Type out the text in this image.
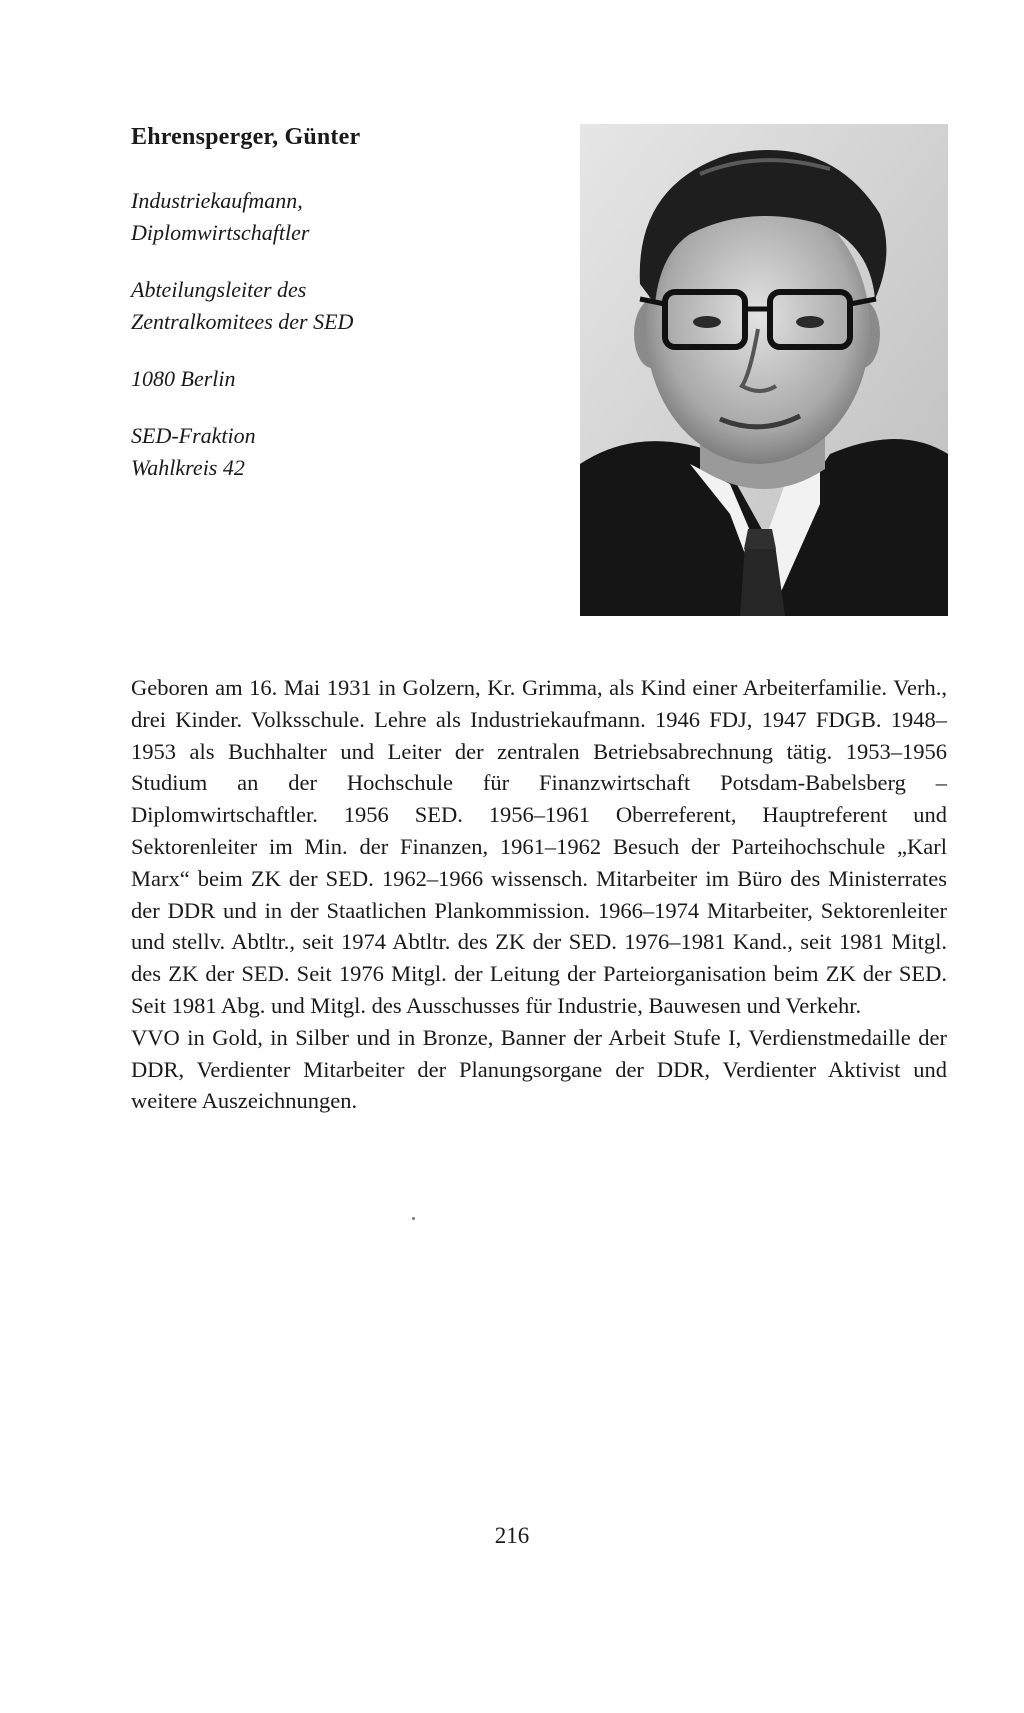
Ehrensperger, Günter
Industriekaufmann,
Diplomwirtschaftler
Abteilungsleiter des
Zentralkomitees der SED
1080 Berlin
SED-Fraktion
Wahlkreis 42

Geboren am 16. Mai 1931 in Golzern, Kr. Grimma, als Kind einer Arbeiterfamilie. Verh., drei Kinder. Volksschule. Lehre als Industriekaufmann. 1946 FDJ, 1947 FDGB. 1948–1953 als Buchhalter und Leiter der zentralen Betriebsabrechnung tätig. 1953–1956 Studium an der Hochschule für Finanzwirtschaft Potsdam-Babelsberg – Diplomwirtschaftler. 1956 SED. 1956–1961 Oberreferent, Hauptreferent und Sektorenleiter im Min. der Finanzen, 1961–1962 Besuch der Parteihochschule „Karl Marx“ beim ZK der SED. 1962–1966 wissensch. Mitarbeiter im Büro des Ministerrates der DDR und in der Staatlichen Plankommission. 1966–1974 Mitarbeiter, Sektorenleiter und stellv. Abtltr., seit 1974 Abtltr. des ZK der SED. 1976–1981 Kand., seit 1981 Mitgl. des ZK der SED. Seit 1976 Mitgl. der Leitung der Parteiorganisation beim ZK der SED. Seit 1981 Abg. und Mitgl. des Ausschusses für Industrie, Bauwesen und Verkehr.

VVO in Gold, in Silber und in Bronze, Banner der Arbeit Stufe I, Verdienstmedaille der DDR, Verdienter Mitarbeiter der Planungsorgane der DDR, Verdienter Aktivist und weitere Auszeichnungen.

216
